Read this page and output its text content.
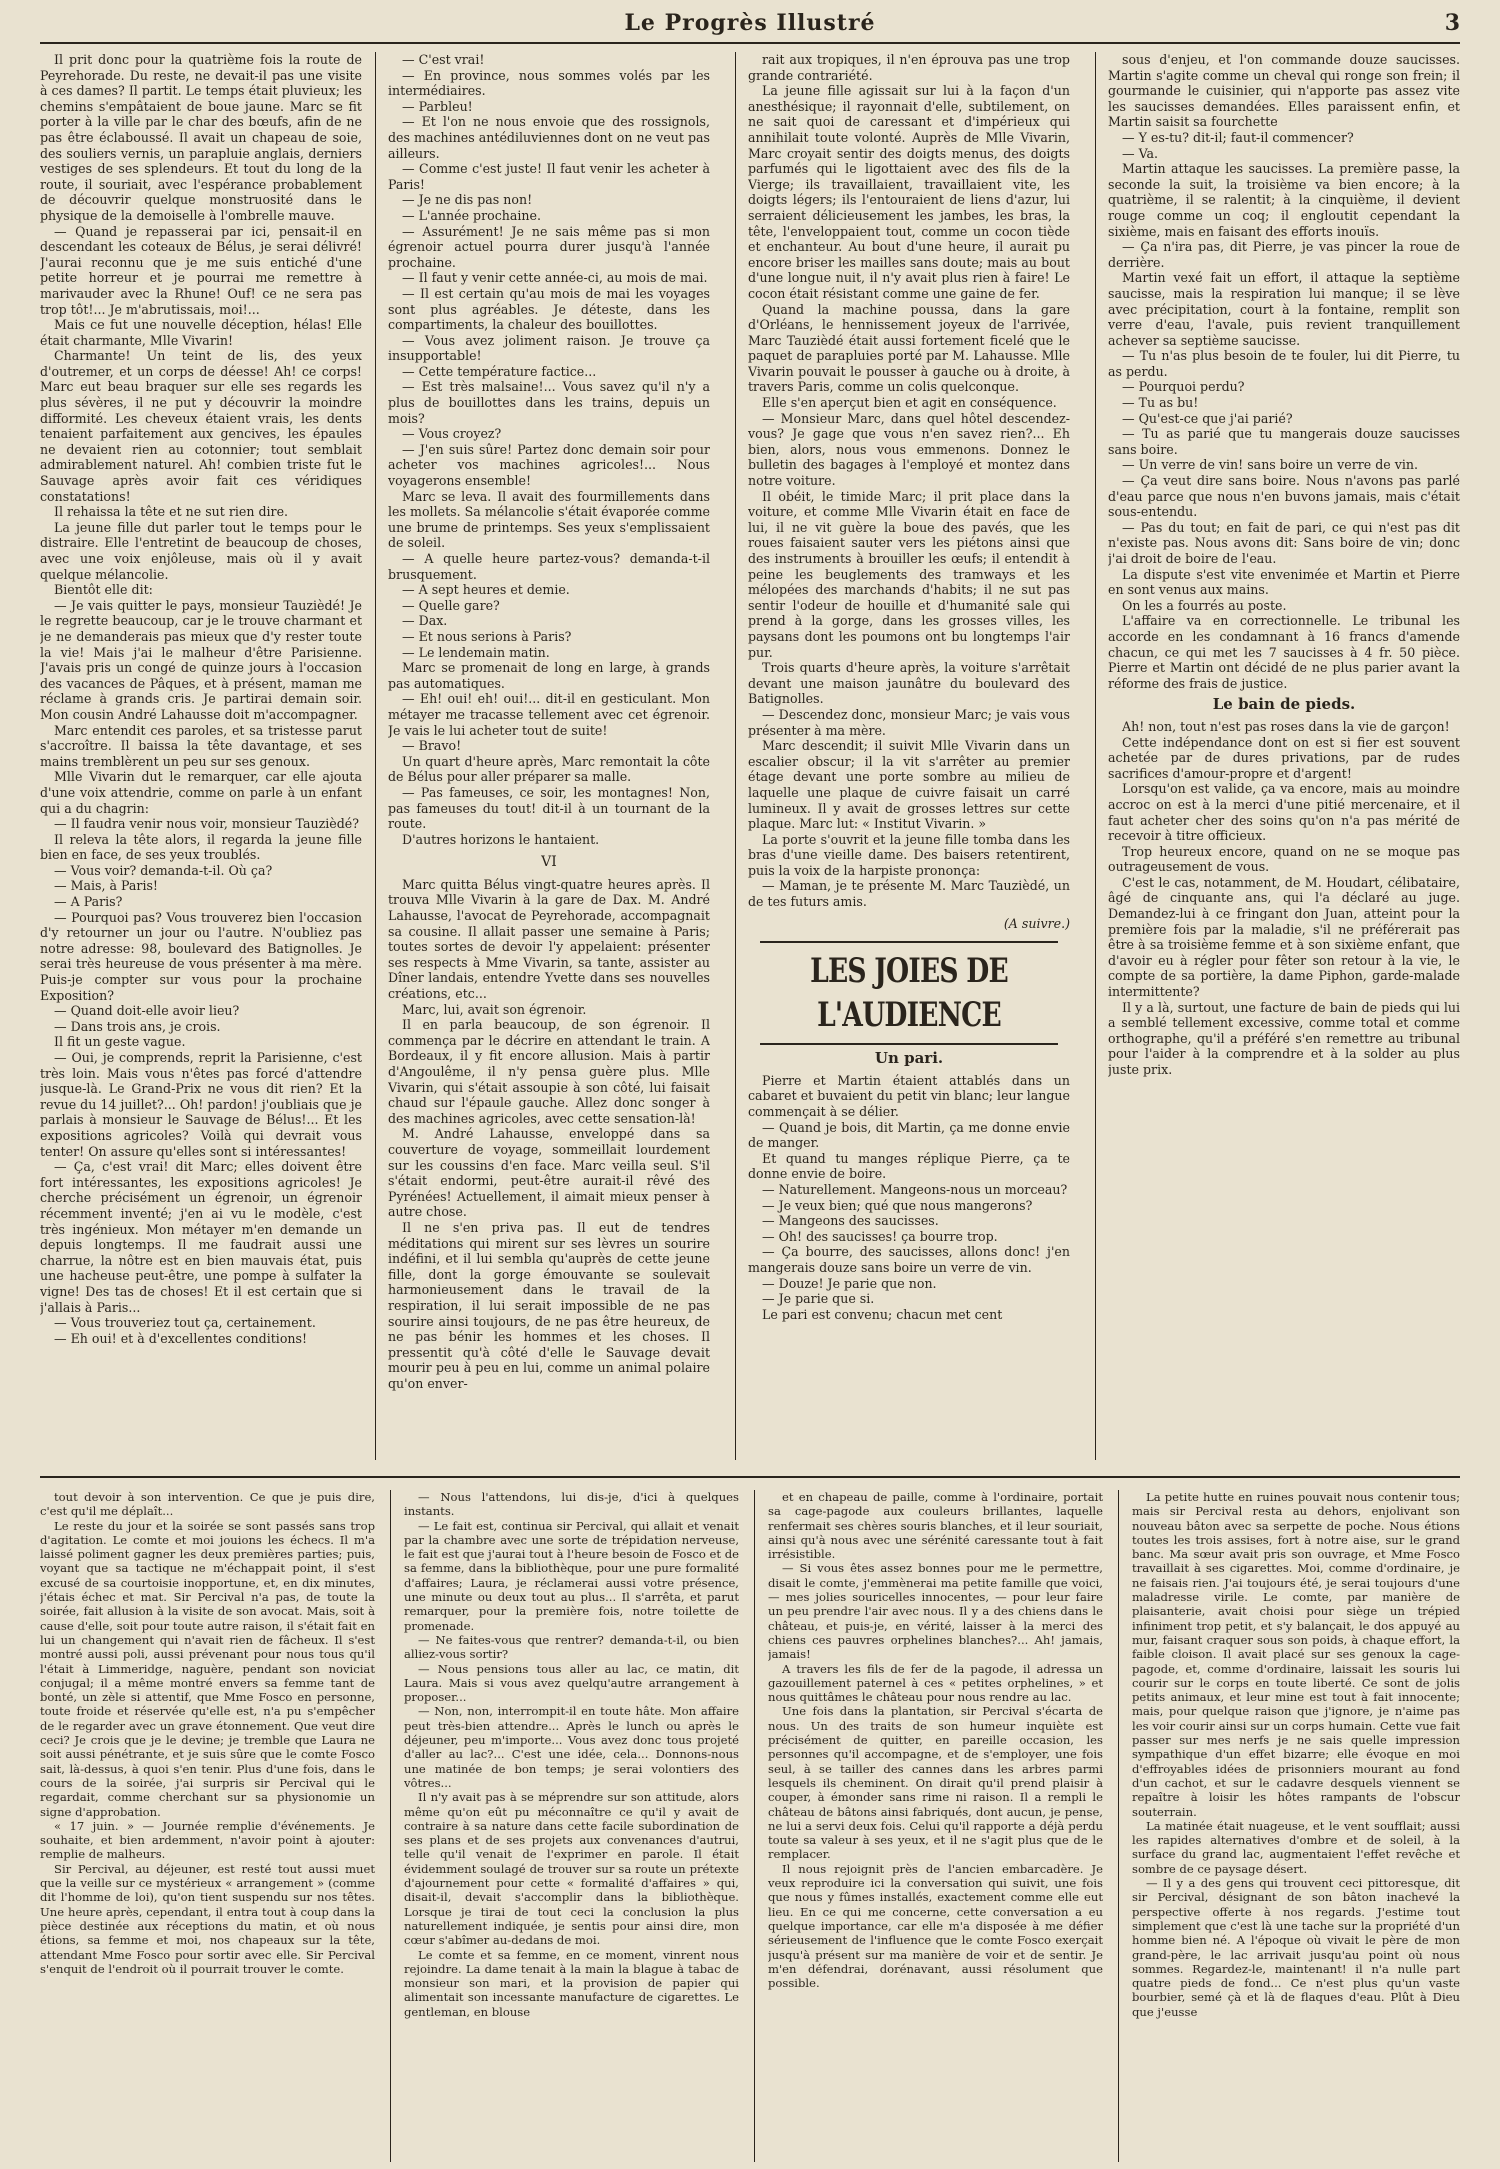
Le Progrès Illustré	3

Il prit donc pour la quatrième fois la route de Peyrehorade. Du reste, ne devait-il pas une visite à ces dames? Il partit. Le temps était pluvieux; les chemins s'empâtaient de boue jaune. Marc se fit porter à la ville par le char des bœufs, afin de ne pas être éclaboussé. Il avait un chapeau de soie, des souliers vernis, un parapluie anglais, derniers vestiges de ses splendeurs. Et tout du long de la route, il souriait, avec l'espérance probablement de découvrir quelque monstruosité dans le physique de la demoiselle à l'ombrelle mauve.

— Quand je repasserai par ici, pensait-il en descendant les coteaux de Bélus, je serai délivré! J'aurai reconnu que je me suis entiché d'une petite horreur et je pourrai me remettre à marivauder avec la Rhune! Ouf! ce ne sera pas trop tôt!... Je m'abrutissais, moi!...

Mais ce fut une nouvelle déception, hélas! Elle était charmante, Mlle Vivarin!

Charmante! Un teint de lis, des yeux d'outremer, et un corps de déesse! Ah! ce corps! Marc eut beau braquer sur elle ses regards les plus sévères, il ne put y découvrir la moindre difformité. Les cheveux étaient vrais, les dents tenaient parfaitement aux gencives, les épaules ne devaient rien au cotonnier; tout semblait admirablement naturel. Ah! combien triste fut le Sauvage après avoir fait ces véridiques constatations!

Il rehaissa la tête et ne sut rien dire.

La jeune fille dut parler tout le temps pour le distraire. Elle l'entretint de beaucoup de choses, avec une voix enjôleuse, mais où il y avait quelque mélancolie.

Bientôt elle dit:

— Je vais quitter le pays, monsieur Tauzièdé! Je le regrette beaucoup, car je le trouve charmant et je ne demanderais pas mieux que d'y rester toute la vie! Mais j'ai le malheur d'être Parisienne. J'avais pris un congé de quinze jours à l'occasion des vacances de Pâques, et à présent, maman me réclame à grands cris. Je partirai demain soir. Mon cousin André Lahausse doit m'accompagner.

Marc entendit ces paroles, et sa tristesse parut s'accroître. Il baissa la tête davantage, et ses mains tremblèrent un peu sur ses genoux.

Mlle Vivarin dut le remarquer, car elle ajouta d'une voix attendrie, comme on parle à un enfant qui a du chagrin:

— Il faudra venir nous voir, monsieur Tauzièdé?

Il releva la tête alors, il regarda la jeune fille bien en face, de ses yeux troublés.

— Vous voir? demanda-t-il. Où ça?

— Mais, à Paris!

— A Paris?

— Pourquoi pas? Vous trouverez bien l'occasion d'y retourner un jour ou l'autre. N'oubliez pas notre adresse: 98, boulevard des Batignolles. Je serai très heureuse de vous présenter à ma mère. Puis-je compter sur vous pour la prochaine Exposition?

— Quand doit-elle avoir lieu?

— Dans trois ans, je crois.

Il fit un geste vague.

— Oui, je comprends, reprit la Parisienne, c'est très loin. Mais vous n'êtes pas forcé d'attendre jusque-là. Le Grand-Prix ne vous dit rien? Et la revue du 14 juillet?... Oh! pardon! j'oubliais que je parlais à monsieur le Sauvage de Bélus!... Et les expositions agricoles? Voilà qui devrait vous tenter! On assure qu'elles sont si intéressantes!

— Ça, c'est vrai! dit Marc; elles doivent être fort intéressantes, les expositions agricoles! Je cherche précisément un égrenoir, un égrenoir récemment inventé; j'en ai vu le modèle, c'est très ingénieux. Mon métayer m'en demande un depuis longtemps. Il me faudrait aussi une charrue, la nôtre est en bien mauvais état, puis une hacheuse peut-être, une pompe à sulfater la vigne! Des tas de choses! Et il est certain que si j'allais à Paris...

— Vous trouveriez tout ça, certainement.

— Eh oui! et à d'excellentes conditions!

— C'est vrai!

— En province, nous sommes volés par les intermédiaires.

— Parbleu!

— Et l'on ne nous envoie que des rossignols, des machines antédiluviennes dont on ne veut pas ailleurs.

— Comme c'est juste! Il faut venir les acheter à Paris!

— Je ne dis pas non!

— L'année prochaine.

— Assurément! Je ne sais même pas si mon égrenoir actuel pourra durer jusqu'à l'année prochaine.

— Il faut y venir cette année-ci, au mois de mai.

— Il est certain qu'au mois de mai les voyages sont plus agréables. Je déteste, dans les compartiments, la chaleur des bouillottes.

— Vous avez joliment raison. Je trouve ça insupportable!

— Cette température factice...

— Est très malsaine!... Vous savez qu'il n'y a plus de bouillottes dans les trains, depuis un mois?

— Vous croyez?

— J'en suis sûre! Partez donc demain soir pour acheter vos machines agricoles!... Nous voyagerons ensemble!

Marc se leva. Il avait des fourmillements dans les mollets. Sa mélancolie s'était évaporée comme une brume de printemps. Ses yeux s'emplissaient de soleil.

— A quelle heure partez-vous? demanda-t-il brusquement.

— A sept heures et demie.

— Quelle gare?

— Dax.

— Et nous serions à Paris?

— Le lendemain matin.

Marc se promenait de long en large, à grands pas automatiques.

— Eh! oui! eh! oui!... dit-il en gesticulant. Mon métayer me tracasse tellement avec cet égrenoir. Je vais le lui acheter tout de suite!

— Bravo!

Un quart d'heure après, Marc remontait la côte de Bélus pour aller préparer sa malle.

— Pas fameuses, ce soir, les montagnes! Non, pas fameuses du tout! dit-il à un tournant de la route.

D'autres horizons le hantaient.

VI

Marc quitta Bélus vingt-quatre heures après. Il trouva Mlle Vivarin à la gare de Dax. M. André Lahausse, l'avocat de Peyrehorade, accompagnait sa cousine. Il allait passer une semaine à Paris; toutes sortes de devoir l'y appelaient: présenter ses respects à Mme Vivarin, sa tante, assister au Dîner landais, entendre Yvette dans ses nouvelles créations, etc...

Marc, lui, avait son égrenoir.

Il en parla beaucoup, de son égrenoir. Il commença par le décrire en attendant le train. A Bordeaux, il y fit encore allusion. Mais à partir d'Angoulême, il n'y pensa guère plus. Mlle Vivarin, qui s'était assoupie à son côté, lui faisait chaud sur l'épaule gauche. Allez donc songer à des machines agricoles, avec cette sensation-là!

M. André Lahausse, enveloppé dans sa couverture de voyage, sommeillait lourdement sur les coussins d'en face. Marc veilla seul. S'il s'était endormi, peut-être aurait-il rêvé des Pyrénées! Actuellement, il aimait mieux penser à autre chose.

Il ne s'en priva pas. Il eut de tendres méditations qui mirent sur ses lèvres un sourire indéfini, et il lui sembla qu'auprès de cette jeune fille, dont la gorge émouvante se soulevait harmonieusement dans le travail de la respiration, il lui serait impossible de ne pas sourire ainsi toujours, de ne pas être heureux, de ne pas bénir les hommes et les choses. Il pressentit qu'à côté d'elle le Sauvage devait mourir peu à peu en lui, comme un animal polaire qu'on enver-

rait aux tropiques, il n'en éprouva pas une trop grande contrariété.

La jeune fille agissait sur lui à la façon d'un anesthésique; il rayonnait d'elle, subtilement, on ne sait quoi de caressant et d'impérieux qui annihilait toute volonté. Auprès de Mlle Vivarin, Marc croyait sentir des doigts menus, des doigts parfumés qui le ligottaient avec des fils de la Vierge; ils travaillaient, travaillaient vite, les doigts légers; ils l'entouraient de liens d'azur, lui serraient délicieusement les jambes, les bras, la tête, l'enveloppaient tout, comme un cocon tiède et enchanteur. Au bout d'une heure, il aurait pu encore briser les mailles sans doute; mais au bout d'une longue nuit, il n'y avait plus rien à faire! Le cocon était résistant comme une gaine de fer.

Quand la machine poussa, dans la gare d'Orléans, le hennissement joyeux de l'arrivée, Marc Tauzièdé était aussi fortement ficelé que le paquet de parapluies porté par M. Lahausse. Mlle Vivarin pouvait le pousser à gauche ou à droite, à travers Paris, comme un colis quelconque.

Elle s'en aperçut bien et agit en conséquence.

— Monsieur Marc, dans quel hôtel descendez-vous? Je gage que vous n'en savez rien?... Eh bien, alors, nous vous emmenons. Donnez le bulletin des bagages à l'employé et montez dans notre voiture.

Il obéit, le timide Marc; il prit place dans la voiture, et comme Mlle Vivarin était en face de lui, il ne vit guère la boue des pavés, que les roues faisaient sauter vers les piétons ainsi que des instruments à brouiller les œufs; il entendit à peine les beuglements des tramways et les mélopées des marchands d'habits; il ne sut pas sentir l'odeur de houille et d'humanité sale qui prend à la gorge, dans les grosses villes, les paysans dont les poumons ont bu longtemps l'air pur.

Trois quarts d'heure après, la voiture s'arrêtait devant une maison jaunâtre du boulevard des Batignolles.

— Descendez donc, monsieur Marc; je vais vous présenter à ma mère.

Marc descendit; il suivit Mlle Vivarin dans un escalier obscur; il la vit s'arrêter au premier étage devant une porte sombre au milieu de laquelle une plaque de cuivre faisait un carré lumineux. Il y avait de grosses lettres sur cette plaque. Marc lut: « Institut Vivarin. »

La porte s'ouvrit et la jeune fille tomba dans les bras d'une vieille dame. Des baisers retentirent, puis la voix de la harpiste prononça:

— Maman, je te présente M. Marc Tauzièdé, un de tes futurs amis.

(A suivre.)

LES JOIES DE L'AUDIENCE
Un pari.

Pierre et Martin étaient attablés dans un cabaret et buvaient du petit vin blanc; leur langue commençait à se délier.

— Quand je bois, dit Martin, ça me donne envie de manger.

Et quand tu manges réplique Pierre, ça te donne envie de boire.

— Naturellement. Mangeons-nous un morceau?

— Je veux bien; qué que nous mangerons?

— Mangeons des saucisses.

— Oh! des saucisses! ça bourre trop.

— Ça bourre, des saucisses, allons donc! j'en mangerais douze sans boire un verre de vin.

— Douze! Je parie que non.

— Je parie que si.

Le pari est convenu; chacun met cent

sous d'enjeu, et l'on commande douze saucisses. Martin s'agite comme un cheval qui ronge son frein; il gourmande le cuisinier, qui n'apporte pas assez vite les saucisses demandées. Elles paraissent enfin, et Martin saisit sa fourchette

— Y es-tu? dit-il; faut-il commencer?

— Va.

Martin attaque les saucisses. La première passe, la seconde la suit, la troisième va bien encore; à la quatrième, il se ralentit; à la cinquième, il devient rouge comme un coq; il engloutit cependant la sixième, mais en faisant des efforts inouïs.

— Ça n'ira pas, dit Pierre, je vas pincer la roue de derrière.

Martin vexé fait un effort, il attaque la septième saucisse, mais la respiration lui manque; il se lève avec précipitation, court à la fontaine, remplit son verre d'eau, l'avale, puis revient tranquillement achever sa septième saucisse.

— Tu n'as plus besoin de te fouler, lui dit Pierre, tu as perdu.

— Pourquoi perdu?

— Tu as bu!

— Qu'est-ce que j'ai parié?

— Tu as parié que tu mangerais douze saucisses sans boire.

— Un verre de vin! sans boire un verre de vin.

— Ça veut dire sans boire. Nous n'avons pas parlé d'eau parce que nous n'en buvons jamais, mais c'était sous-entendu.

— Pas du tout; en fait de pari, ce qui n'est pas dit n'existe pas. Nous avons dit: Sans boire de vin; donc j'ai droit de boire de l'eau.

La dispute s'est vite envenimée et Martin et Pierre en sont venus aux mains.

On les a fourrés au poste.

L'affaire va en correctionnelle. Le tribunal les accorde en les condamnant à 16 francs d'amende chacun, ce qui met les 7 saucisses à 4 fr. 50 pièce. Pierre et Martin ont décidé de ne plus parier avant la réforme des frais de justice.

Le bain de pieds.

Ah! non, tout n'est pas roses dans la vie de garçon!

Cette indépendance dont on est si fier est souvent achetée par de dures privations, par de rudes sacrifices d'amour-propre et d'argent!

Lorsqu'on est valide, ça va encore, mais au moindre accroc on est à la merci d'une pitié mercenaire, et il faut acheter cher des soins qu'on n'a pas mérité de recevoir à titre officieux.

Trop heureux encore, quand on ne se moque pas outrageusement de vous.

C'est le cas, notamment, de M. Houdart, célibataire, âgé de cinquante ans, qui l'a déclaré au juge. Demandez-lui à ce fringant don Juan, atteint pour la première fois par la maladie, s'il ne préférerait pas être à sa troisième femme et à son sixième enfant, que d'avoir eu à régler pour fêter son retour à la vie, le compte de sa portière, la dame Piphon, garde-malade intermittente?

Il y a là, surtout, une facture de bain de pieds qui lui a semblé tellement excessive, comme total et comme orthographe, qu'il a préféré s'en remettre au tribunal pour l'aider à la comprendre et à la solder au plus juste prix.

tout devoir à son intervention. Ce que je puis dire, c'est qu'il me déplaît...

Le reste du jour et la soirée se sont passés sans trop d'agitation. Le comte et moi jouions les échecs. Il m'a laissé poliment gagner les deux premières parties; puis, voyant que sa tactique ne m'échappait point, il s'est excusé de sa courtoisie inopportune, et, en dix minutes, j'étais échec et mat. Sir Percival n'a pas, de toute la soirée, fait allusion à la visite de son avocat. Mais, soit à cause d'elle, soit pour toute autre raison, il s'était fait en lui un changement qui n'avait rien de fâcheux. Il s'est montré aussi poli, aussi prévenant pour nous tous qu'il l'était à Limmeridge, naguère, pendant son noviciat conjugal; il a même montré envers sa femme tant de bonté, un zèle si attentif, que Mme Fosco en personne, toute froide et réservée qu'elle est, n'a pu s'empêcher de le regarder avec un grave étonnement. Que veut dire ceci? Je crois que je le devine; je tremble que Laura ne soit aussi pénétrante, et je suis sûre que le comte Fosco sait, là-dessus, à quoi s'en tenir. Plus d'une fois, dans le cours de la soirée, j'ai surpris sir Percival qui le regardait, comme cherchant sur sa physionomie un signe d'approbation.

« 17 juin. » — Journée remplie d'événements. Je souhaite, et bien ardemment, n'avoir point à ajouter: remplie de malheurs.

Sir Percival, au déjeuner, est resté tout aussi muet que la veille sur ce mystérieux « arrangement » (comme dit l'homme de loi), qu'on tient suspendu sur nos têtes. Une heure après, cependant, il entra tout à coup dans la pièce destinée aux réceptions du matin, et où nous étions, sa femme et moi, nos chapeaux sur la tête, attendant Mme Fosco pour sortir avec elle. Sir Percival s'enquit de l'endroit où il pourrait trouver le comte.

— Nous l'attendons, lui dis-je, d'ici à quelques instants.

— Le fait est, continua sir Percival, qui allait et venait par la chambre avec une sorte de trépidation nerveuse, le fait est que j'aurai tout à l'heure besoin de Fosco et de sa femme, dans la bibliothèque, pour une pure formalité d'affaires; Laura, je réclamerai aussi votre présence, une minute ou deux tout au plus... Il s'arrêta, et parut remarquer, pour la première fois, notre toilette de promenade.

— Ne faites-vous que rentrer? demanda-t-il, ou bien alliez-vous sortir?

— Nous pensions tous aller au lac, ce matin, dit Laura. Mais si vous avez quelqu'autre arrangement à proposer...

— Non, non, interrompit-il en toute hâte. Mon affaire peut très-bien attendre... Après le lunch ou après le déjeuner, peu m'importe... Vous avez donc tous projeté d'aller au lac?... C'est une idée, cela... Donnons-nous une matinée de bon temps; je serai volontiers des vôtres...

Il n'y avait pas à se méprendre sur son attitude, alors même qu'on eût pu méconnaître ce qu'il y avait de contraire à sa nature dans cette facile subordination de ses plans et de ses projets aux convenances d'autrui, telle qu'il venait de l'exprimer en parole. Il était évidemment soulagé de trouver sur sa route un prétexte d'ajournement pour cette « formalité d'affaires » qui, disait-il, devait s'accomplir dans la bibliothèque. Lorsque je tirai de tout ceci la conclusion la plus naturellement indiquée, je sentis pour ainsi dire, mon cœur s'abîmer au-dedans de moi.

Le comte et sa femme, en ce moment, vinrent nous rejoindre. La dame tenait à la main la blague à tabac de monsieur son mari, et la provision de papier qui alimentait son incessante manufacture de cigarettes. Le gentleman, en blouse

et en chapeau de paille, comme à l'ordinaire, portait sa cage-pagode aux couleurs brillantes, laquelle renfermait ses chères souris blanches, et il leur souriait, ainsi qu'à nous avec une sérénité caressante tout à fait irrésistible.

— Si vous êtes assez bonnes pour me le permettre, disait le comte, j'emmènerai ma petite famille que voici, — mes jolies souricelles innocentes, — pour leur faire un peu prendre l'air avec nous. Il y a des chiens dans le château, et puis-je, en vérité, laisser à la merci des chiens ces pauvres orphelines blanches?... Ah! jamais, jamais!

A travers les fils de fer de la pagode, il adressa un gazouillement paternel à ces « petites orphelines, » et nous quittâmes le château pour nous rendre au lac.

Une fois dans la plantation, sir Percival s'écarta de nous. Un des traits de son humeur inquiète est précisément de quitter, en pareille occasion, les personnes qu'il accompagne, et de s'employer, une fois seul, à se tailler des cannes dans les arbres parmi lesquels ils cheminent. On dirait qu'il prend plaisir à couper, à émonder sans rime ni raison. Il a rempli le château de bâtons ainsi fabriqués, dont aucun, je pense, ne lui a servi deux fois. Celui qu'il rapporte a déjà perdu toute sa valeur à ses yeux, et il ne s'agit plus que de le remplacer.

Il nous rejoignit près de l'ancien embarcadère. Je veux reproduire ici la conversation qui suivit, une fois que nous y fûmes installés, exactement comme elle eut lieu. En ce qui me concerne, cette conversation a eu quelque importance, car elle m'a disposée à me défier sérieusement de l'influence que le comte Fosco exerçait jusqu'à présent sur ma manière de voir et de sentir. Je m'en défendrai, dorénavant, aussi résolument que possible.

La petite hutte en ruines pouvait nous contenir tous; mais sir Percival resta au dehors, enjolivant son nouveau bâton avec sa serpette de poche. Nous étions toutes les trois assises, fort à notre aise, sur le grand banc. Ma sœur avait pris son ouvrage, et Mme Fosco travaillait à ses cigarettes. Moi, comme d'ordinaire, je ne faisais rien. J'ai toujours été, je serai toujours d'une maladresse virile. Le comte, par manière de plaisanterie, avait choisi pour siège un trépied infiniment trop petit, et s'y balançait, le dos appuyé au mur, faisant craquer sous son poids, à chaque effort, la faible cloison. Il avait placé sur ses genoux la cage-pagode, et, comme d'ordinaire, laissait les souris lui courir sur le corps en toute liberté. Ce sont de jolis petits animaux, et leur mine est tout à fait innocente; mais, pour quelque raison que j'ignore, je n'aime pas les voir courir ainsi sur un corps humain. Cette vue fait passer sur mes nerfs je ne sais quelle impression sympathique d'un effet bizarre; elle évoque en moi d'effroyables idées de prisonniers mourant au fond d'un cachot, et sur le cadavre desquels viennent se repaître à loisir les hôtes rampants de l'obscur souterrain.

La matinée était nuageuse, et le vent soufflait; aussi les rapides alternatives d'ombre et de soleil, à la surface du grand lac, augmentaient l'effet revêche et sombre de ce paysage désert.

— Il y a des gens qui trouvent ceci pittoresque, dit sir Percival, désignant de son bâton inachevé la perspective offerte à nos regards. J'estime tout simplement que c'est là une tache sur la propriété d'un homme bien né. A l'époque où vivait le père de mon grand-père, le lac arrivait jusqu'au point où nous sommes. Regardez-le, maintenant! il n'a nulle part quatre pieds de fond... Ce n'est plus qu'un vaste bourbier, semé çà et là de flaques d'eau. Plût à Dieu que j'eusse
